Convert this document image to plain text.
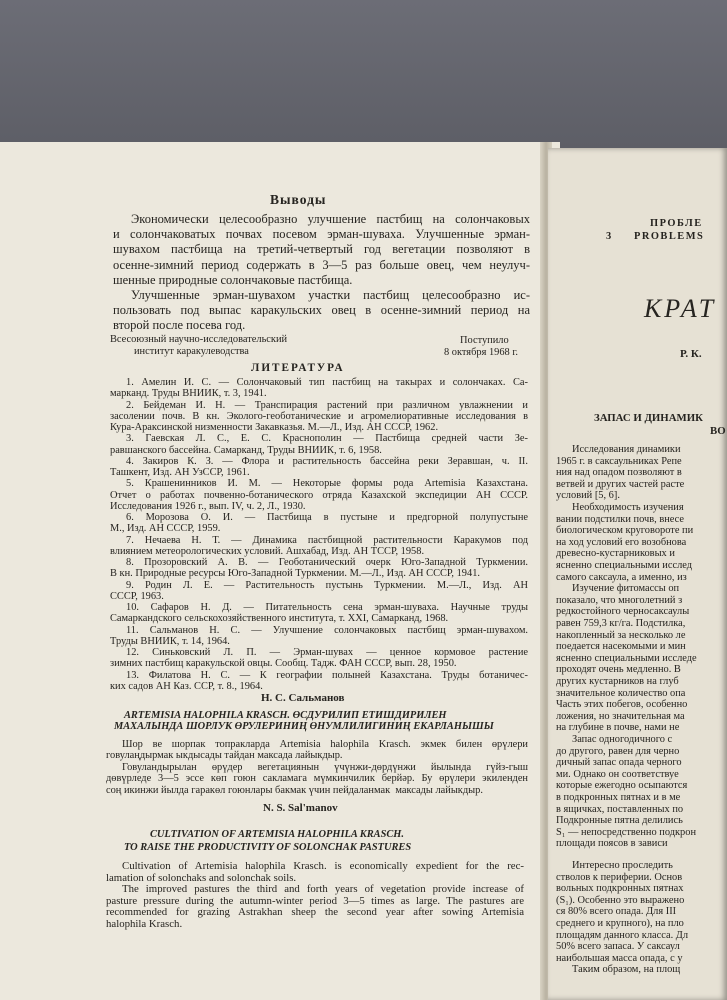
Выводы
Экономически целесообразно улучшение пастбищ на солончаковых
и солончаковатых почвах посевом эрман-шувахa. Улучшенные эрман-
шувахом пастбища на третий-четвертый год вегетации позволяют в
осенне-зимний период содержать в 3—5 раз больше овец, чем неулуч-
шенные природные солончаковые пастбища.
Улучшенные эрман-шувахом участки пастбищ целесообразно ис-
пользовать под выпас каракульских овец в осенне-зимний период на
второй после посева год.
Всесоюзный научно-исследовательский
институт каракулеводства
Поступило
8 октября 1968 г.
ЛИТЕРАТУРА
1. Амелин И. С. — Солончаковый тип пастбищ на такырах и солончаках. Са-
марканд. Труды ВНИИК, т. 3, 1941.
2. Бейдеман И. Н. — Транспирация растений при различном увлажнении и
засолении почв. В кн. Эколого-геоботанические и агромелиоративные исследования в
Кура-Араксинской низменности Закавказья. М.—Л., Изд. АН СССР, 1962.
3. Гаевская Л. С., Е. С. Краснополин — Пастбища средней части Зе-
равшанского бассейна. Самарканд, Труды ВНИИК, т. 6, 1958.
4. Закиров К. З. — Флора и растительность бассейна реки Зеравшан, ч. II.
Ташкент, Изд. АН УзССР, 1961.
5. Крашенинников И. М. — Некоторые формы рода Artemisia Казахстана.
Отчет о работах почвенно-ботанического отряда Казахской экспедиции АН СССР.
Исследования 1926 г., вып. IV, ч. 2, Л., 1930.
6. Морозова О. И. — Пастбища в пустыне и предгорной полупустыне
М., Изд. АН СССР, 1959.
7. Нечаева Н. Т. — Динамика пастбищной растительности Каракумов под
влиянием метеорологических условий. Ашхабад, Изд. АН ТССР, 1958.
8. Прозоровский А. В. — Геоботанический очерк Юго-Западной Туркмении.
В кн. Природные ресурсы Юго-Западной Туркмении. М.—Л., Изд. АН СССР, 1941.
9. Родин Л. Е. — Растительность пустынь Туркмении. М.—Л., Изд. АН
СССР, 1963.
10. Сафаров Н. Д. — Питательность сена эрман-шувахa. Научные труды
Самаркандского сельскохозяйственного института, т. XXI, Самарканд, 1968.
11. Сальманов Н. С. — Улучшение солончаковых пастбищ эрман-шувахом.
Труды ВНИИК, т. 14, 1964.
12. Синьковский Л. П. — Эрман-шувах — ценное кормовое растение
зимних пастбищ каракульской овцы. Сообщ. Тадж. ФАН СССР, вып. 28, 1950.
13. Филатова Н. С. — К географии полыней Казахстана. Труды ботаничес-
ких садов АН Каз. ССР, т. 8., 1964.
Н. С. Сальманов
ARTEMISIA HALOPHILA KRASCH. ӨСДУРИЛИП ЕТИШДИРИЛЕН
МАХАЛЫНДА ШОРЛУК ӨРУЛЕРИНИҢ ӨНУМЛИЛИГИНИҢ ЕКАРЛАНЫШЫ
Шор ве шорпак топракларда Artemisia halophila Krasch. экмек билен өрүлери
говулаңдырмак ыкдысады тайдан максада лайыкдыр.
Говуландырылан өрүдер вегетациянын үчүнжи-дөрдүнжи йылында гүйз-гыш
дөвүрледе 3—5 эссе көп гоюн сакламага мүмкинчилик берйәр. Бу өрүлери экиленден
соң икинжи йылда гаракөл гоюнлары бакмак үчин пейдаланмак  максады лайыкдыр.
N. S. Sal'manov
CULTIVATION OF ARTEMISIA HALOPHILA KRASCH.
TO RAISE THE PRODUCTIVITY OF SOLONCHAK PASTURES
Cultivation of Artemisia halophila Krasch. is economically expedient for the rec-
lamation of solonchaks and solonchak soils.
The improved pastures the third and forth years of vegetation provide increase of
pasture pressure during the autumn-winter period 3—5 times as large. The pastures are
recommended for grazing Astrakhan sheep the second year after sowing Artemisia
halophila Krasch.
ПРОБЛЕ
3 PROBLEMS
КРАТ
Р. К.
ЗАПАС И ДИНАМИК
ВО
Исследования динамики
1965 г. в саксаульниках Репе
ния над опадом позволяют в
ветвей и других частей расте
условий [5, 6].
Необходимость изучения
вании подстилки почв, внесе
биологическом круговороте пи
на ход условий его возобнова
древесно-кустарниковых и
ясненно специальными исслед
самого саксаула, а именно, из
Изучение фитомассы оп
показало, что многолетний з
редкостойного черносаксаулы
равен 759,3 кг/га. Подстилка,
накопленный за несколько ле
поедается насекомыми и мин
ясненно специальными исследе
проходят очень медленно. В
других кустарников на глуб
значительное количество опа
Часть этих побегов, особенно
ложения, но значительная ма
на глубине в почве, нами не
Запас одногодичного с
до другого, равен для черно
дичный запас опада черного
ми. Однако он соответствуе
которые ежегодно осыпаются
в подкронных пятнах и в ме
в ящичках, поставленных по
Подкронные пятна делились
S₁ — непосредственно подкрон
площади поясов в зависи
Интересно проследить
стволов к периферии. Основ
вольных подкронных пятнах
(S₁). Особенно это выражено
ся 80% всего опада. Для III
среднего и крупного), на пло
площадям данного класса. Дл
50% всего запаса. У саксаул
наибольшая масса опада, с у
Таким образом, на площ
